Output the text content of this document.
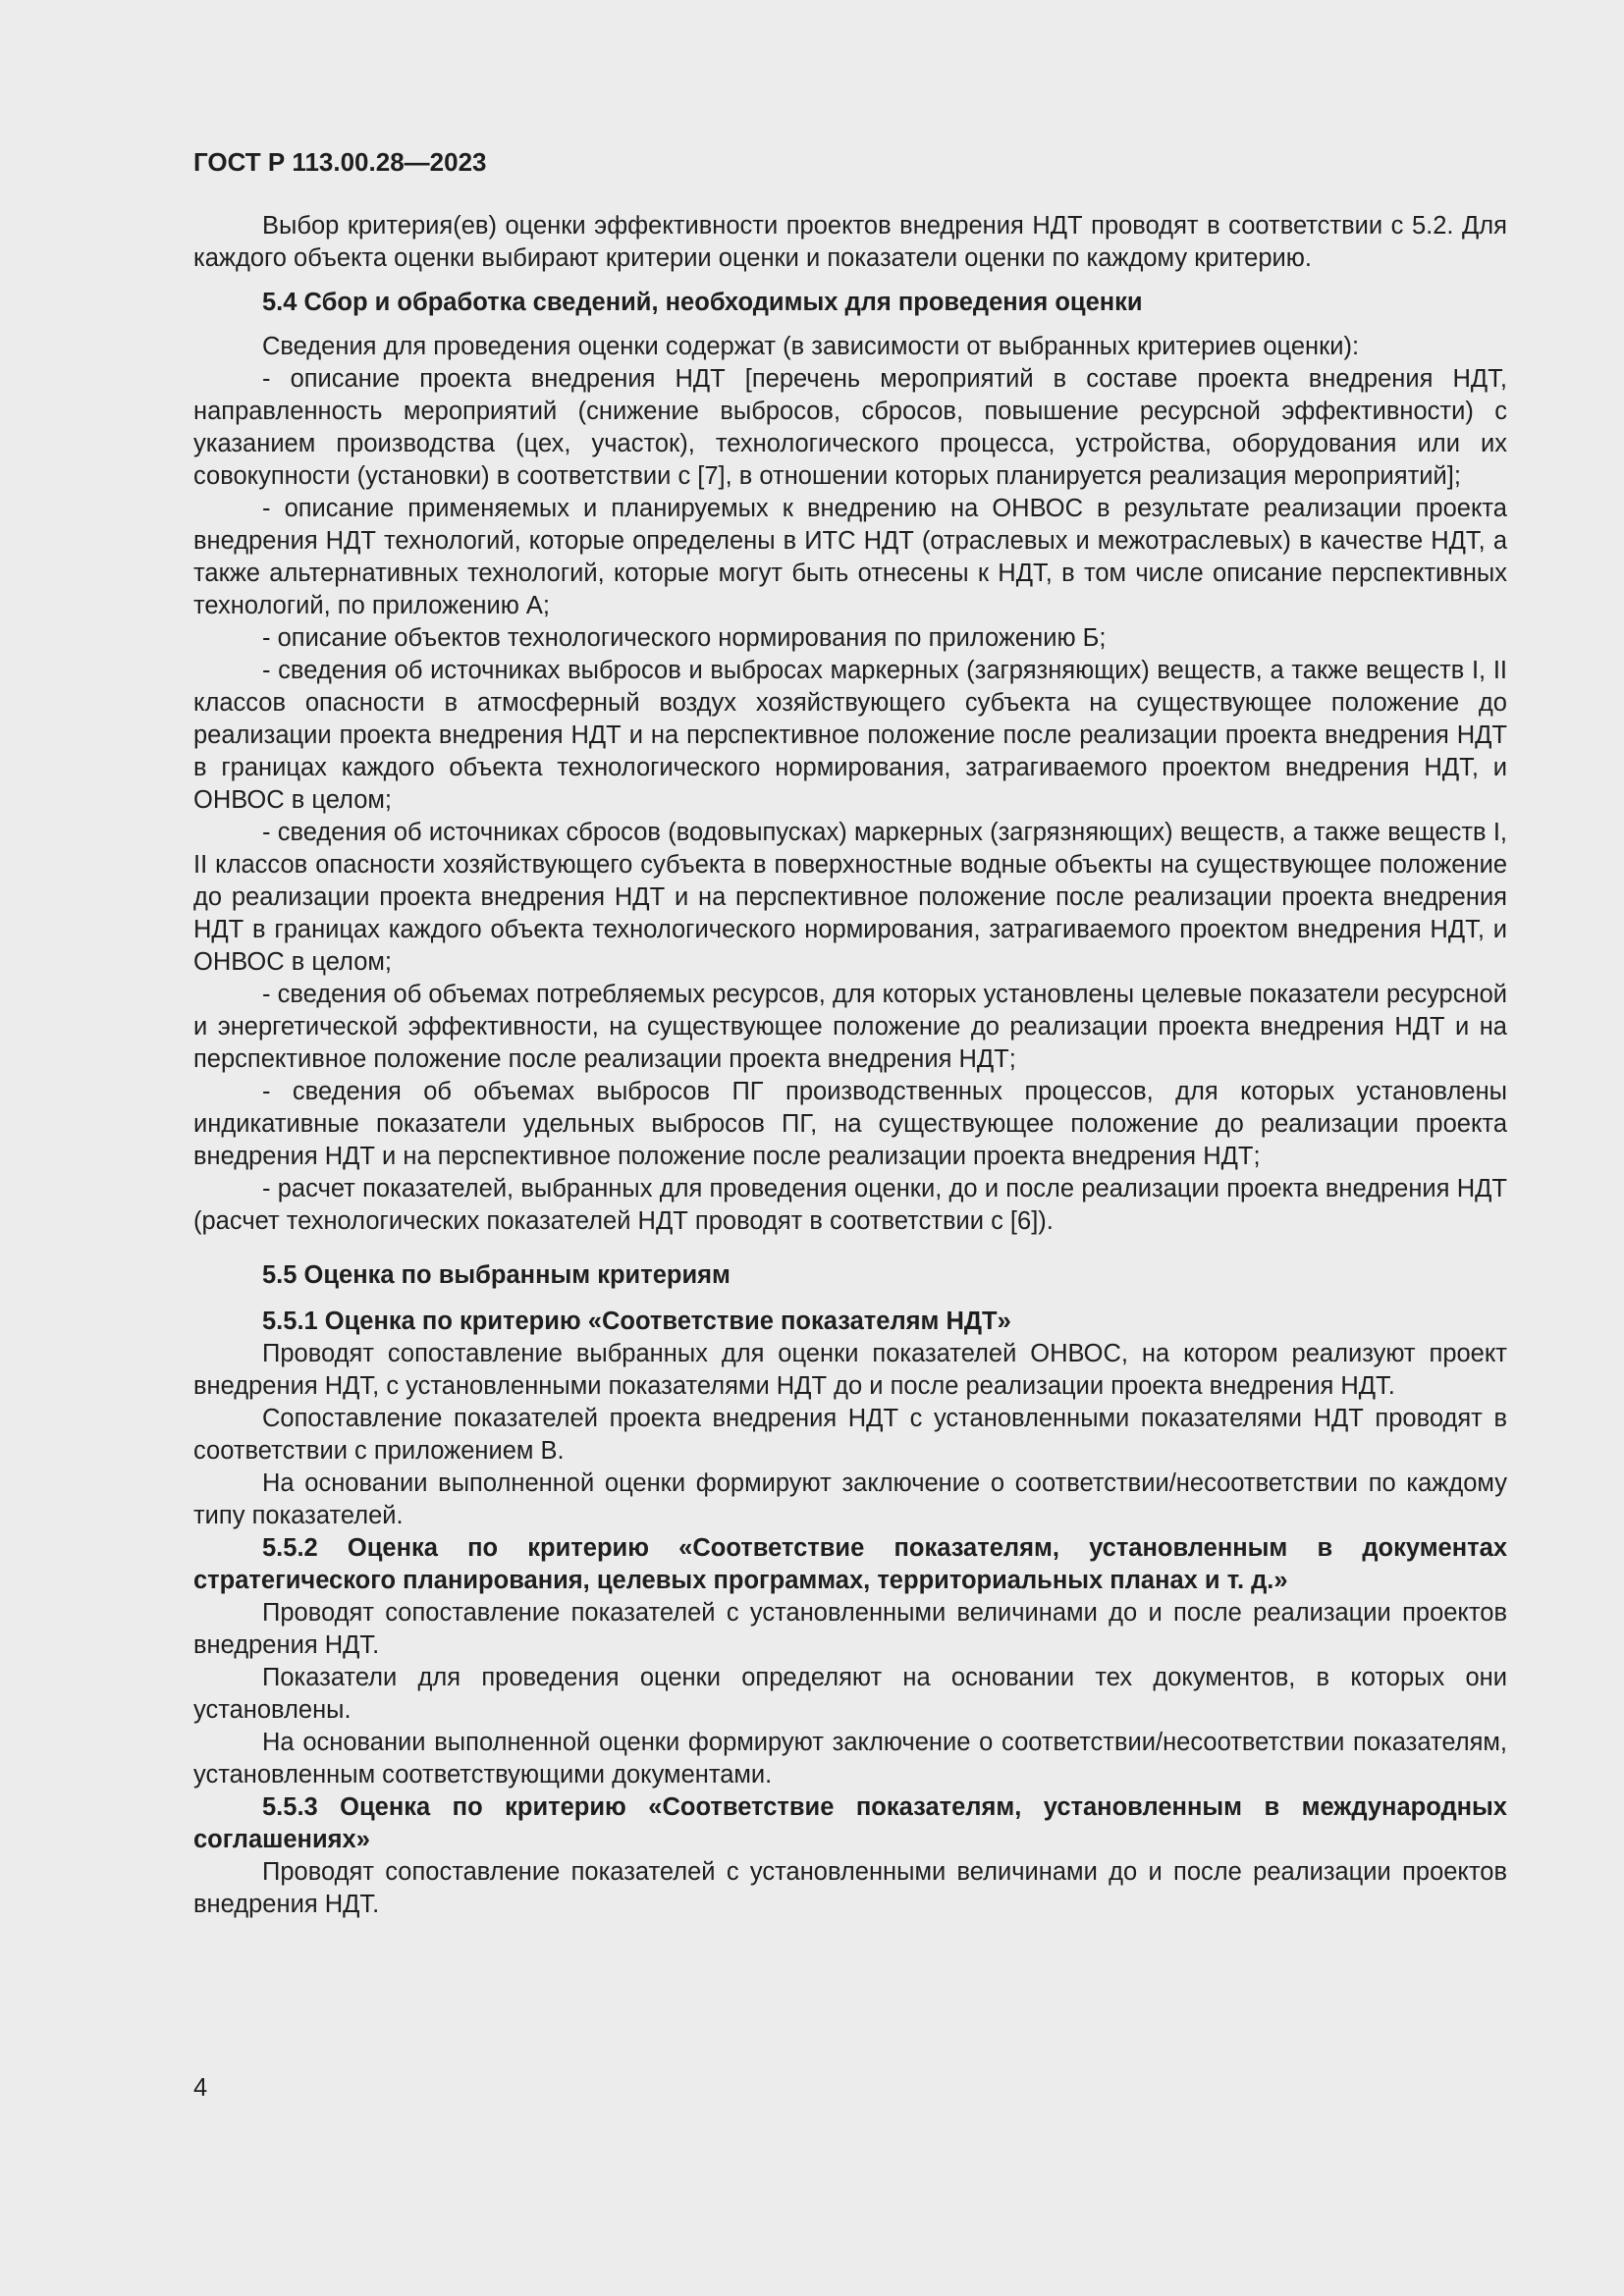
ГОСТ Р 113.00.28—2023

Выбор критерия(ев) оценки эффективности проектов внедрения НДТ проводят в соответствии с 5.2. Для каждого объекта оценки выбирают критерии оценки и показатели оценки по каждому критерию.

5.4 Сбор и обработка сведений, необходимых для проведения оценки

Сведения для проведения оценки содержат (в зависимости от выбранных критериев оценки):

- описание проекта внедрения НДТ [перечень мероприятий в составе проекта внедрения НДТ, направленность мероприятий (снижение выбросов, сбросов, повышение ресурсной эффективности) с указанием производства (цех, участок), технологического процесса, устройства, оборудования или их совокупности (установки) в соответствии с [7], в отношении которых планируется реализация мероприятий];

- описание применяемых и планируемых к внедрению на ОНВОС в результате реализации проекта внедрения НДТ технологий, которые определены в ИТС НДТ (отраслевых и межотраслевых) в качестве НДТ, а также альтернативных технологий, которые могут быть отнесены к НДТ, в том числе описание перспективных технологий, по приложению А;

- описание объектов технологического нормирования по приложению Б;

- сведения об источниках выбросов и выбросах маркерных (загрязняющих) веществ, а также веществ I, II классов опасности в атмосферный воздух хозяйствующего субъекта на существующее положение до реализации проекта внедрения НДТ и на перспективное положение после реализации проекта внедрения НДТ в границах каждого объекта технологического нормирования, затрагиваемого проектом внедрения НДТ, и ОНВОС в целом;

- сведения об источниках сбросов (водовыпусках) маркерных (загрязняющих) веществ, а также веществ I, II классов опасности хозяйствующего субъекта в поверхностные водные объекты на существующее положение до реализации проекта внедрения НДТ и на перспективное положение после реализации проекта внедрения НДТ в границах каждого объекта технологического нормирования, затрагиваемого проектом внедрения НДТ, и ОНВОС в целом;

- сведения об объемах потребляемых ресурсов, для которых установлены целевые показатели ресурсной и энергетической эффективности, на существующее положение до реализации проекта внедрения НДТ и на перспективное положение после реализации проекта внедрения НДТ;

- сведения об объемах выбросов ПГ производственных процессов, для которых установлены индикативные показатели удельных выбросов ПГ, на существующее положение до реализации проекта внедрения НДТ и на перспективное положение после реализации проекта внедрения НДТ;

- расчет показателей, выбранных для проведения оценки, до и после реализации проекта внедрения НДТ (расчет технологических показателей НДТ проводят в соответствии с [6]).

5.5 Оценка по выбранным критериям

5.5.1 Оценка по критерию «Соответствие показателям НДТ»

Проводят сопоставление выбранных для оценки показателей ОНВОС, на котором реализуют проект внедрения НДТ, с установленными показателями НДТ до и после реализации проекта внедрения НДТ.

Сопоставление показателей проекта внедрения НДТ с установленными показателями НДТ проводят в соответствии с приложением В.

На основании выполненной оценки формируют заключение о соответствии/несоответствии по каждому типу показателей.

5.5.2 Оценка по критерию «Соответствие показателям, установленным в документах стратегического планирования, целевых программах, территориальных планах и т. д.»

Проводят сопоставление показателей с установленными величинами до и после реализации проектов внедрения НДТ.

Показатели для проведения оценки определяют на основании тех документов, в которых они установлены.

На основании выполненной оценки формируют заключение о соответствии/несоответствии показателям, установленным соответствующими документами.

5.5.3 Оценка по критерию «Соответствие показателям, установленным в международных соглашениях»

Проводят сопоставление показателей с установленными величинами до и после реализации проектов внедрения НДТ.

4
